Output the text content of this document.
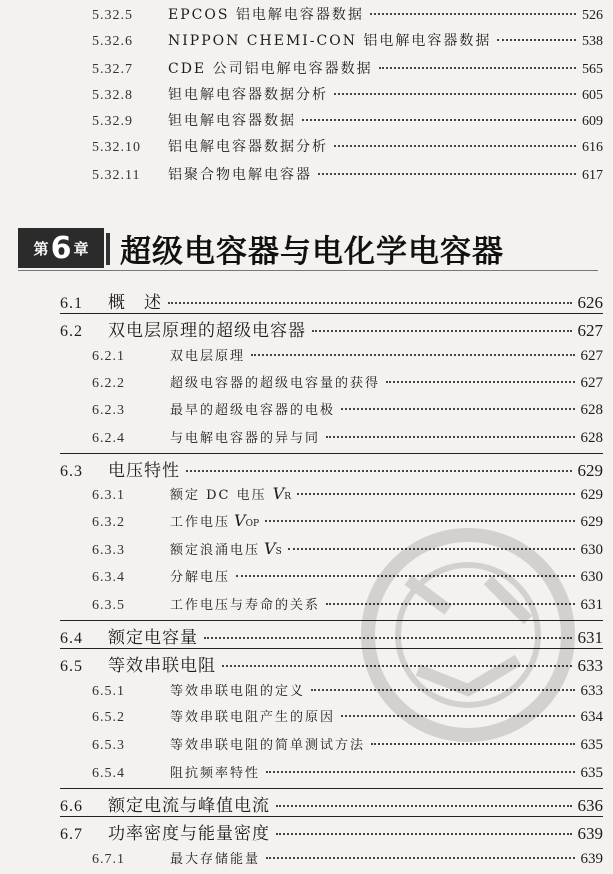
5.32.5	EPCOS 铝电解电容器数据	526
5.32.6	NIPPON CHEMI-CON 铝电解电容器数据	538
5.32.7	CDE 公司铝电解电容器数据	565
5.32.8	钽电解电容器数据分析	605
5.32.9	钽电解电容器数据	609
5.32.10	铝电解电容器数据分析	616
5.32.11	铝聚合物电解电容器	617
第 6 章 超级电容器与电化学电容器
6.1	概　述	626
6.2	双电层原理的超级电容器	627
6.2.1	双电层原理	627
6.2.2	超级电容器的超级电容量的获得	627
6.2.3	最早的超级电容器的电极	628
6.2.4	与电解电容器的异与同	628
6.3	电压特性	629
6.3.1	额定 DC 电压 V R	629
6.3.2	工作电压 V OP	629
6.3.3	额定浪涌电压 V S	630
6.3.4	分解电压	630
6.3.5	工作电压与寿命的关系	631
6.4	额定电容量	631
6.5	等效串联电阻	633
6.5.1	等效串联电阻的定义	633
6.5.2	等效串联电阻产生的原因	634
6.5.3	等效串联电阻的简单测试方法	635
6.5.4	阻抗频率特性	635
6.6	额定电流与峰值电流	636
6.7	功率密度与能量密度	639
6.7.1	最大存储能量	639
